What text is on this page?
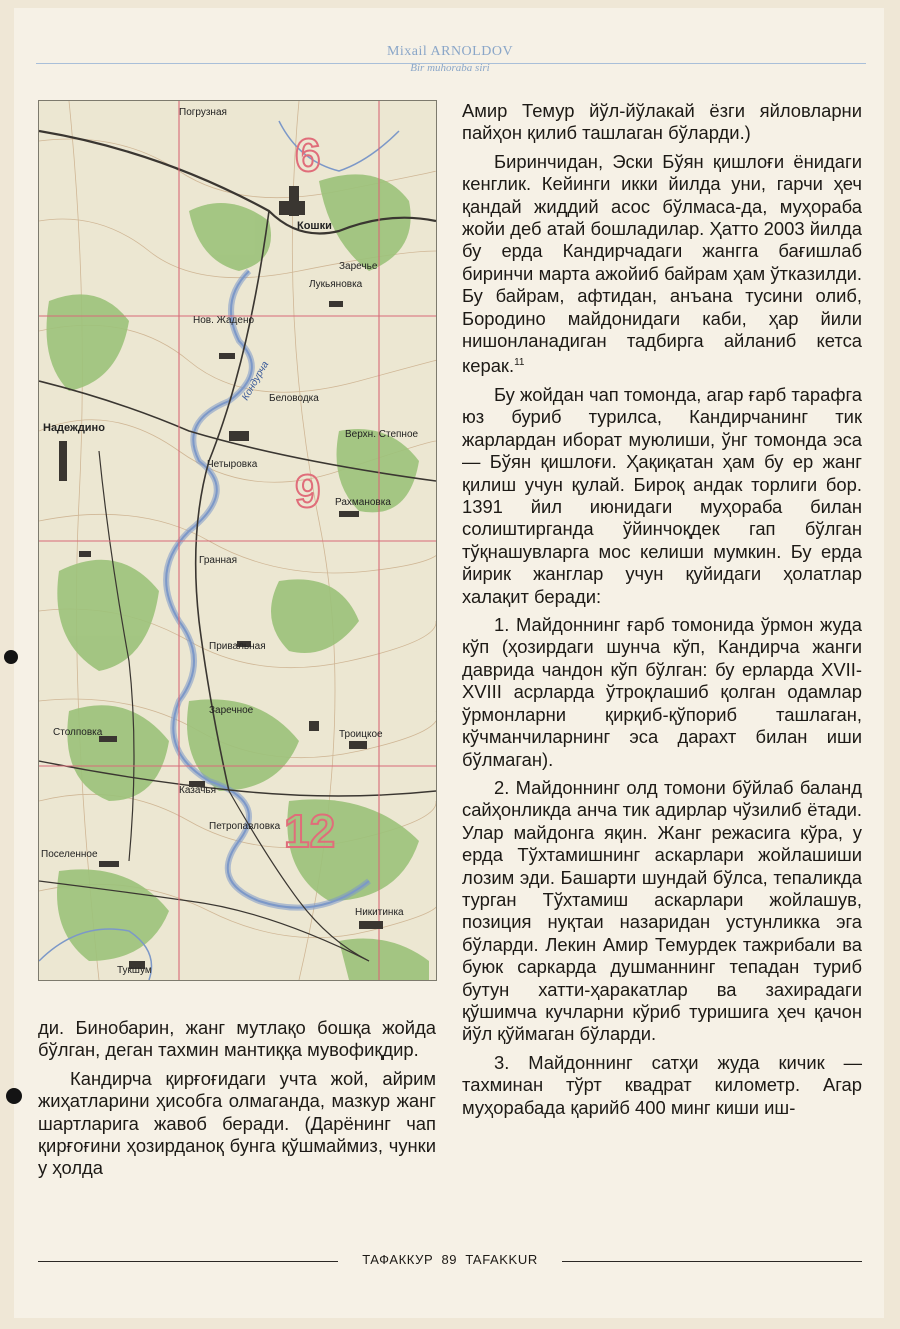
Mixail ARNOLDOV
Bir muhoraba siri
6
9
12
Погрузная
Кошки
Надеждино
Кондурча
Четыровка
Беловодка
Нов. Жадено
Заречье
Лукьяновка
Рахмановка
Верхн. Степное
Гранная
Привальная
Заречное
Троицкое
Казачья
Петропавловка
Никитинка
Поселенное
Столповка
Тукшум

Амир Темур йўл-йўлакай ёзги яйловларни пайҳон қилиб ташлаган бўларди.)

Биринчидан, Эски Бўян қишлоғи ёнидаги кенглик. Кейинги икки йилда уни, гарчи ҳеч қандай жиддий асос бўлмаса-да, муҳораба жойи деб атай бошладилар. Ҳатто 2003 йилда бу ерда Кандирчадаги жангга бағишлаб биринчи марта ажойиб байрам ҳам ўтказилди. Бу байрам, афтидан, анъана тусини олиб, Бородино майдонидаги каби, ҳар йили нишонланадиган тадбирга айланиб кетса керак.$^{11}$

Бу жойдан чап томонда, агар ғарб тарафга юз буриб турилса, Кандирчанинг тик жарлардан иборат муюлиши, ўнг томонда эса — Бўян қишлоғи. Ҳақиқатан ҳам бу ер жанг қилиш учун қулай. Бироқ андак торлиги бор. 1391 йил июнидаги муҳораба билан солиштирганда ўйинчоқдек гап бўлган тўқнашувларга мос келиши мумкин. Бу ерда йирик жанглар учун қуйидаги ҳолатлар халақит беради:

1. Майдоннинг ғарб томонида ўрмон жуда кўп (ҳозирдаги шунча кўп, Кандирча жанги даврида чандон кўп бўлган: бу ерларда XVII-XVIII асрларда ўтроқлашиб қолган одамлар ўрмонларни қирқиб-қўпориб ташлаган, кўчманчиларнинг эса дарахт билан иши бўлмаган).

2. Майдоннинг олд томони бўйлаб баланд сайҳонликда анча тик адирлар чўзилиб ётади. Улар майдонга яқин. Жанг режасига кўра, у ерда Тўхтамишнинг аскарлари жойлашиши лозим эди. Башарти шундай бўлса, тепаликда турган Тўхтамиш аскарлари жойлашув, позиция нуқтаи назаридан устунликка эга бўларди. Лекин Амир Темурдек тажрибали ва буюк саркарда душманнинг тепадан туриб бутун хатти-ҳаракатлар ва захирадаги қўшимча кучларни кўриб туришига ҳеч қачон йўл қўймаган бўларди.

3. Майдоннинг сатҳи жуда кичик — тахминан тўрт квадрат километр. Агар муҳорабада қарийб 400 минг киши иш-

ди. Бинобарин, жанг мутлақо бошқа жойда бўлган, деган тахмин мантиққа мувофиқдир.

Кандирча қирғоғидаги учта жой, айрим жиҳатларини ҳисобга олмаганда, мазкур жанг шартларига жавоб беради. (Дарёнинг чап қирғоғини ҳозирданоқ бунга қўшмаймиз, чунки у ҳолда

ТАФАККУР 89 TAFAKKUR
